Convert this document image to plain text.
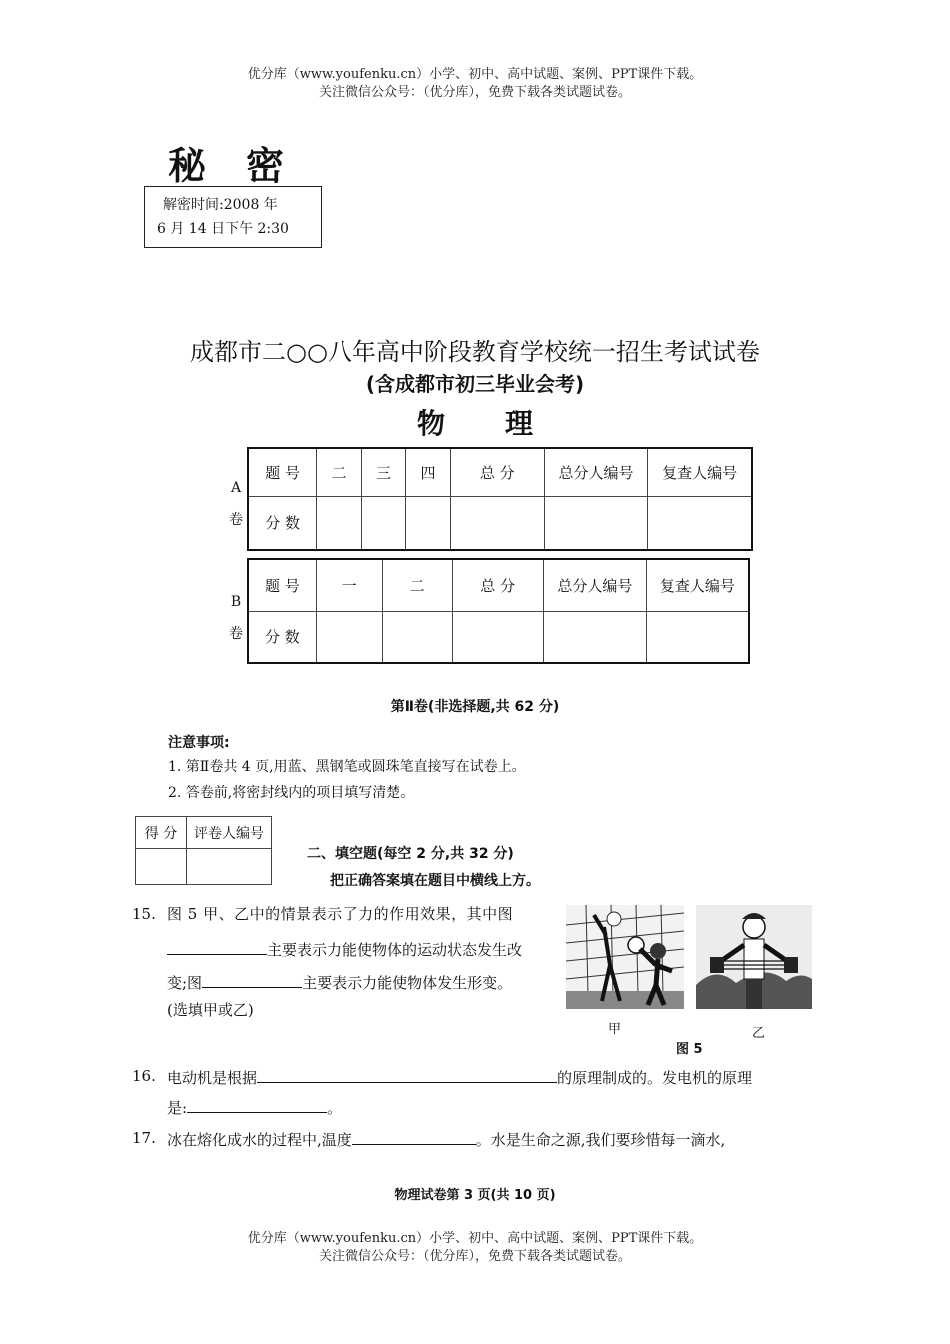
优分库（www.youfenku.cn）小学、初中、高中试题、案例、PPT课件下载。
关注微信公众号：（优分库），免费下载各类试题试卷。
秘密
解密时间:2008 年
6 月 14 日下午 2:30
成都市二○○八年高中阶段教育学校统一招生考试试卷
(含成都市初三毕业会考)
物理
A
卷
题 号	二	三	四	总 分	总分人编号	复查人编号
分 数						
B
卷
题 号	一	二	总 分	总分人编号	复查人编号
分 数					
第Ⅱ卷(非选择题,共 62 分)
注意事项:
1. 第Ⅱ卷共 4 页,用蓝、黑钢笔或圆珠笔直接写在试卷上。
2. 答卷前,将密封线内的项目填写清楚。
得 分	评卷人编号

二、填空题(每空 2 分,共 32 分)
把正确答案填在题目中横线上方。
15. 图 5 甲、乙中的情景表示了力的作用效果，其中图
主要表示力能使物体的运动状态发生改
变;图	主要表示力能使物体发生形变。
(选填甲或乙)
甲	乙
图 5
16. 电动机是根据	的原理制成的。发电机的原理
是:	。
17. 冰在熔化成水的过程中,温度	。水是生命之源,我们要珍惜每一滴水,
物理试卷第 3 页(共 10 页)
优分库（www.youfenku.cn）小学、初中、高中试题、案例、PPT课件下载。
关注微信公众号：（优分库），免费下载各类试题试卷。
